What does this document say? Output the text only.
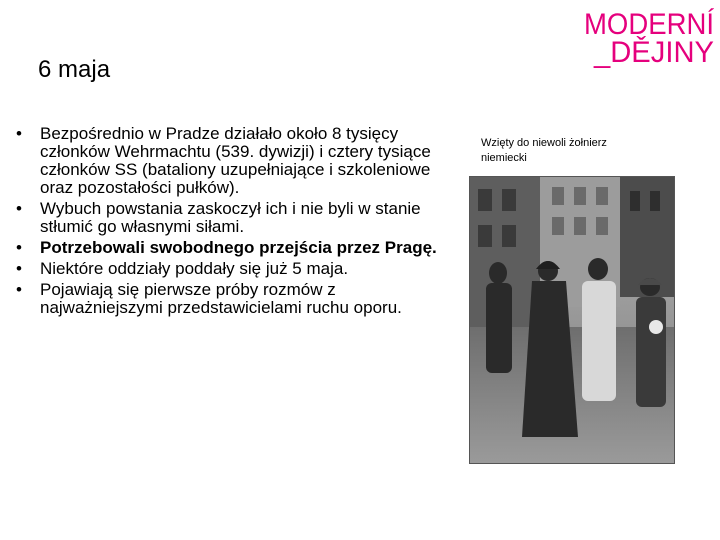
MODERNÍ
_DĚJINY
6 maja
• Bezpośrednio w Pradze działało około 8 tysięcy członków Wehrmachtu (539. dywizji) i cztery tysiące członków SS (bataliony uzupełniające i szkoleniowe oraz pozostałości pułków).
• Wybuch powstania zaskoczył ich i nie byli w stanie stłumić go własnymi siłami.
• Potrzebowali swobodnego przejścia przez Pragę.
• Niektóre oddziały poddały się już 5 maja.
• Pojawiają się pierwsze próby rozmów z najważniejszymi przedstawicielami ruchu oporu.
Wzięty do niewoli żołnierz niemiecki
